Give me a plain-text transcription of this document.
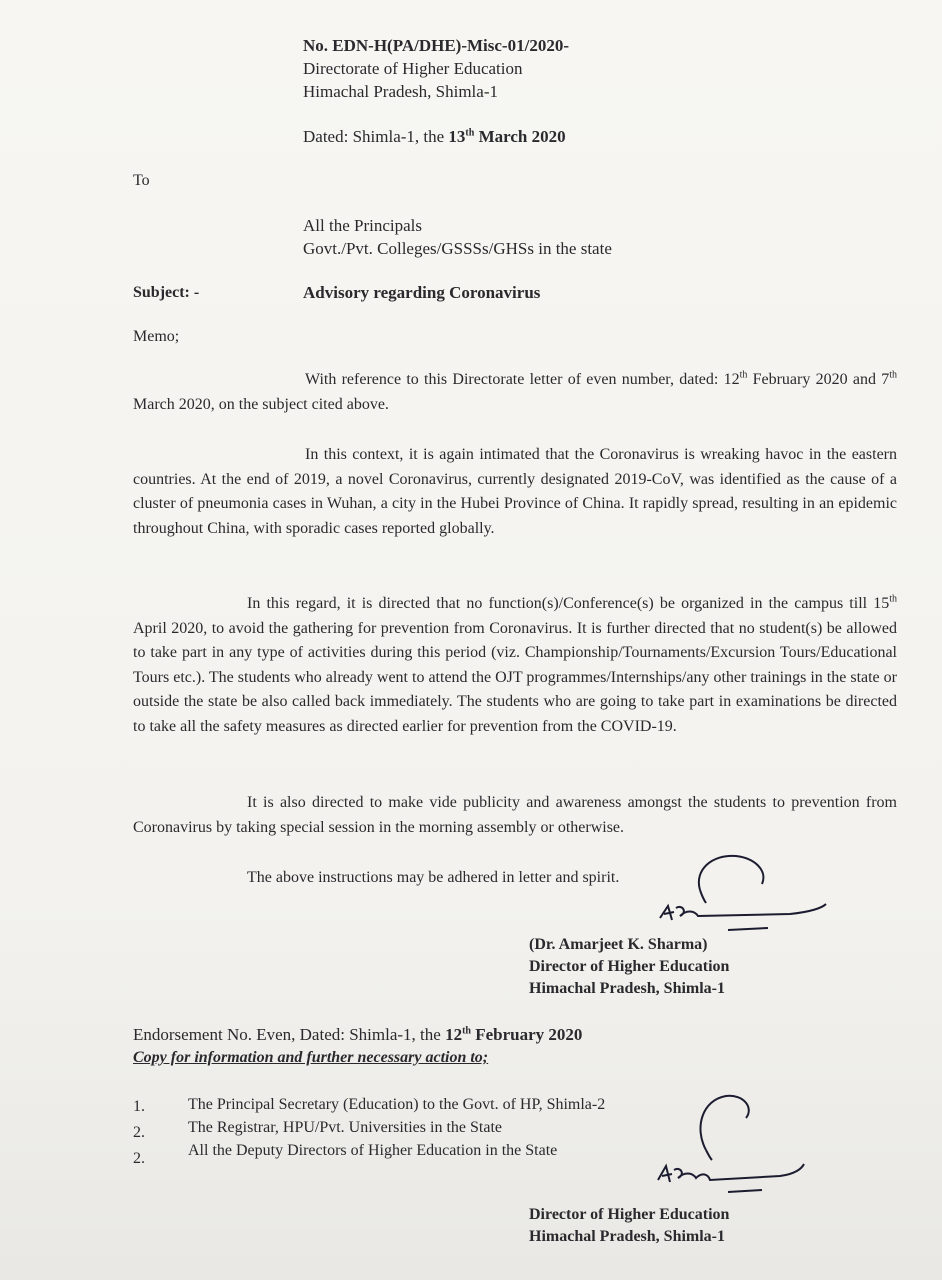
No. EDN-H(PA/DHE)-Misc-01/2020-
Directorate of Higher Education
Himachal Pradesh, Shimla-1
Dated: Shimla-1, the 13th March 2020
To
All the Principals
Govt./Pvt. Colleges/GSSSs/GHSs in the state
Subject: -	Advisory regarding Coronavirus
Memo;
With reference to this Directorate letter of even number, dated: 12th February 2020 and 7th March 2020, on the subject cited above.
In this context, it is again intimated that the Coronavirus is wreaking havoc in the eastern countries. At the end of 2019, a novel Coronavirus, currently designated 2019-CoV, was identified as the cause of a cluster of pneumonia cases in Wuhan, a city in the Hubei Province of China. It rapidly spread, resulting in an epidemic throughout China, with sporadic cases reported globally.
In this regard, it is directed that no function(s)/Conference(s) be organized in the campus till 15th April 2020, to avoid the gathering for prevention from Coronavirus. It is further directed that no student(s) be allowed to take part in any type of activities during this period (viz. Championship/Tournaments/Excursion Tours/Educational Tours etc.). The students who already went to attend the OJT programmes/Internships/any other trainings in the state or outside the state be also called back immediately. The students who are going to take part in examinations be directed to take all the safety measures as directed earlier for prevention from the COVID-19.
It is also directed to make vide publicity and awareness amongst the students to prevention from Coronavirus by taking special session in the morning assembly or otherwise.
The above instructions may be adhered in letter and spirit.
(Dr. Amarjeet K. Sharma)
Director of Higher Education
Himachal Pradesh, Shimla-1
Endorsement No. Even, Dated: Shimla-1, the 12th February 2020
Copy for information and further necessary action to;
1.	The Principal Secretary (Education) to the Govt. of HP, Shimla-2
2.	The Registrar, HPU/Pvt. Universities in the State
2.	All the Deputy Directors of Higher Education in the State
Director of Higher Education
Himachal Pradesh, Shimla-1
